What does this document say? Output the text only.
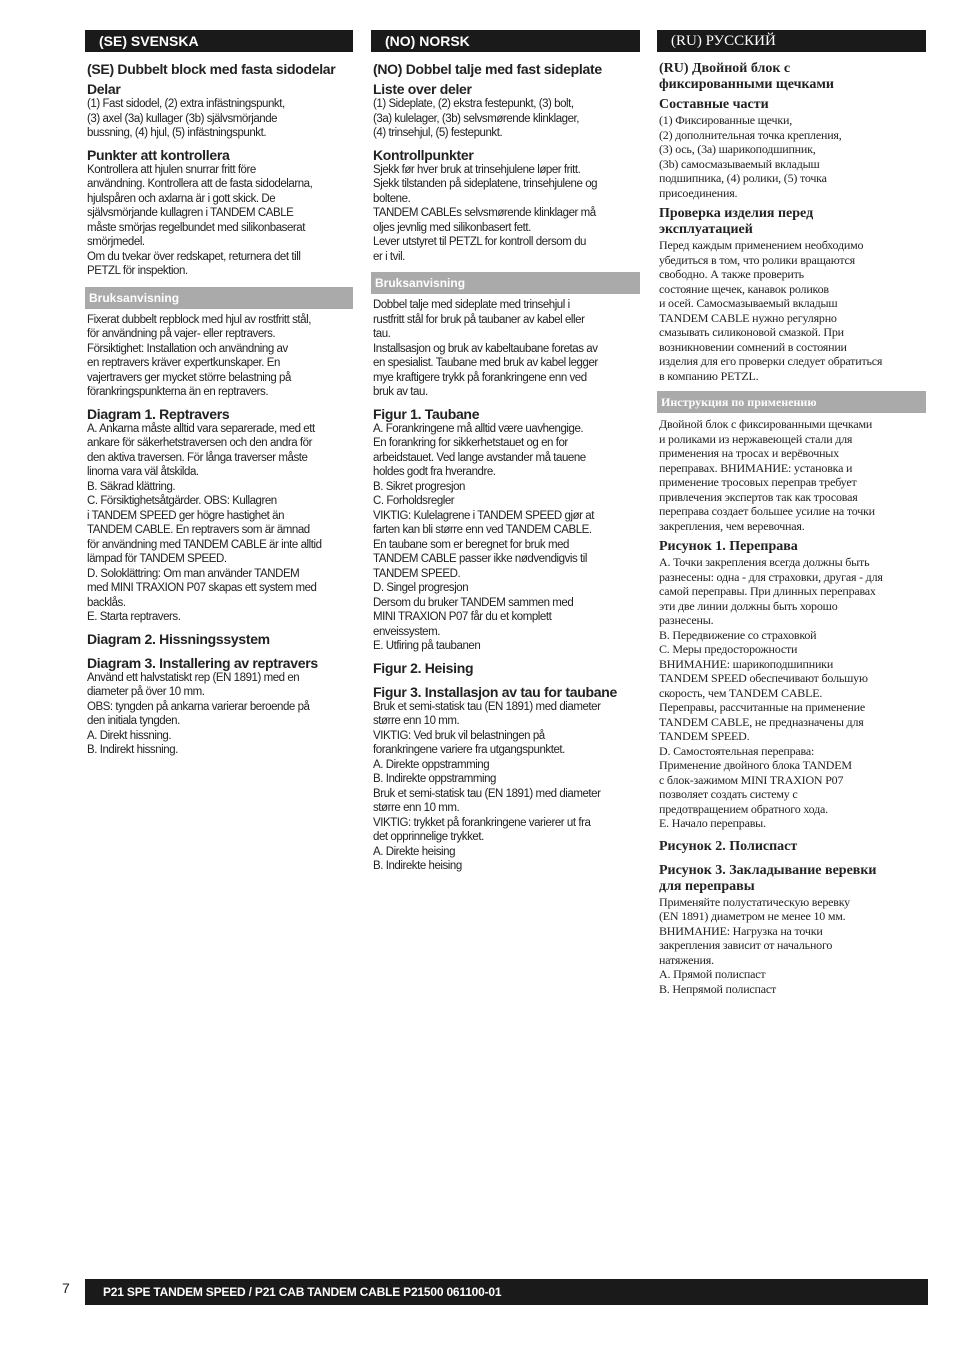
(SE) SVENSKA
(SE) Dubbelt block med fasta sidodelar
Delar
(1) Fast sidodel, (2) extra infästningspunkt,
(3) axel (3a) kullager (3b) självsmörjande
bussning, (4) hjul, (5) infästningspunkt.
Punkter att kontrollera
Kontrollera att hjulen snurrar fritt före
användning. Kontrollera att de fasta sidodelarna,
hjulspåren och axlarna är i gott skick. De
självsmörjande kullagren i TANDEM CABLE
måste smörjas regelbundet med silikonbaserat
smörjmedel.
Om du tvekar över redskapet, returnera det till
PETZL för inspektion.
Bruksanvisning
Fixerat dubbelt repblock med hjul av rostfritt stål,
för användning på vajer- eller reptravers.
Försiktighet: Installation och användning av
en reptravers kräver expertkunskaper. En
vajertravers ger mycket större belastning på
förankringspunkterna än en reptravers.
Diagram 1. Reptravers
A. Ankarna måste alltid vara separerade, med ett
ankare för säkerhetstraversen och den andra för
den aktiva traversen. För långa traverser måste
linorna vara väl åtskilda.
B. Säkrad klättring.
C. Försiktighetsåtgärder. OBS: Kullagren
i TANDEM SPEED ger högre hastighet än
TANDEM CABLE. En reptravers som är ämnad
för användning med TANDEM CABLE är inte alltid
lämpad för TANDEM SPEED.
D. Soloklättring: Om man använder TANDEM
med MINI TRAXION P07 skapas ett system med
backlås.
E. Starta reptravers.
Diagram 2. Hissningssystem
Diagram 3. Installering av reptravers
Använd ett halvstatiskt rep (EN 1891) med en
diameter på över 10 mm.
OBS: tyngden på ankarna varierar beroende på
den initiala tyngden.
A. Direkt hissning.
B. Indirekt hissning.
(NO) NORSK
(NO) Dobbel talje med fast sideplate
Liste over deler
(1) Sideplate, (2) ekstra festepunkt, (3) bolt,
(3a) kulelager, (3b) selvsmørende klinklager,
(4) trinsehjul, (5) festepunkt.
Kontrollpunkter
Sjekk før hver bruk at trinsehjulene løper fritt.
Sjekk tilstanden på sideplatene, trinsehjulene og
boltene.
TANDEM CABLEs selvsmørende klinklager må
oljes jevnlig med silikonbasert fett.
Lever utstyret til PETZL for kontroll dersom du
er i tvil.
Bruksanvisning
Dobbel talje med sideplate med trinsehjul i
rustfritt stål for bruk på taubaner av kabel eller
tau.
Installsasjon og bruk av kabeltaubane foretas av
en spesialist. Taubane med bruk av kabel legger
mye kraftigere trykk på forankringene enn ved
bruk av tau.
Figur 1. Taubane
A. Forankringene må alltid være uavhengige.
En forankring for sikkerhetstauet og en for
arbeidstauet. Ved lange avstander må tauene
holdes godt fra hverandre.
B. Sikret progresjon
C. Forholdsregler
VIKTIG: Kulelagrene i TANDEM SPEED gjør at
farten kan bli større enn ved TANDEM CABLE.
En taubane som er beregnet for bruk med
TANDEM CABLE passer ikke nødvendigvis til
TANDEM SPEED.
D. Singel progresjon
Dersom du bruker TANDEM sammen med
MINI TRAXION P07 får du et komplett
enveissystem.
E. Utfiring på taubanen
Figur 2. Heising
Figur 3. Installasjon av tau for taubane
Bruk et semi-statisk tau (EN 1891) med diameter
større enn 10 mm.
VIKTIG: Ved bruk vil belastningen på
forankringene variere fra utgangspunktet.
A. Direkte oppstramming
B. Indirekte oppstramming
Bruk et semi-statisk tau (EN 1891) med diameter
større enn 10 mm.
VIKTIG: trykket på forankringene varierer ut fra
det opprinnelige trykket.
A. Direkte heising
B. Indirekte heising
(RU) РУССКИЙ
(RU) Двойной блок с
фиксированными щечками
Составные части
(1) Фиксированные щечки,
(2) дополнительная точка крепления,
(3) ось, (3а) шарикоподшипник,
(3b) самосмазываемый вкладыш
подшипника, (4) ролики, (5) точка
присоединения.
Проверка изделия перед
эксплуатацией
Перед каждым применением необходимо
убедиться в том, что ролики вращаются
свободно. А также проверить
состояние щечек, канавок роликов
и осей. Самосмазываемый вкладыш
TANDEM CABLE нужно регулярно
смазывать силиконовой смазкой. При
возникновении сомнений в состоянии
изделия для его проверки следует обратиться
в компанию PETZL.
Инструкция по применению
Двойной блок с фиксированными щечками
и роликами из нержавеющей стали для
применения на тросах и верёвочных
переправах. ВНИМАНИЕ: установка и
применение тросовых переправ требует
привлечения экспертов так как тросовая
переправа создает большее усилие на точки
закрепления, чем веревочная.
Рисунок 1. Переправа
А. Точки закрепления всегда должны быть
разнесены: одна - для страховки, другая - для
самой переправы. При длинных переправах
эти две линии должны быть хорошо
разнесены.
B. Передвижение со страховкой
C. Меры предосторожности
ВНИМАНИЕ: шарикоподшипники
TANDEM SPEED обеспечивают большую
скорость, чем TANDEM CABLE.
Переправы, рассчитанные на применение
TANDEM CABLE, не предназначены для
TANDEM SPEED.
D. Самостоятельная переправа:
Применение двойного блока TANDEM
с блок-зажимом MINI TRAXION P07
позволяет создать систему с
предотвращением обратного хода.
E. Начало переправы.
Рисунок 2. Полиспаст
Рисунок 3. Закладывание веревки
для переправы
Применяйте полустатическую веревку
(EN 1891) диаметром не менее 10 мм.
ВНИМАНИЕ: Нагрузка на точки
закрепления зависит от начального
натяжения.
A. Прямой полиспаст
B. Непрямой полиспаст
7	P21 SPE TANDEM SPEED / P21 CAB TANDEM CABLE P21500 061100-01
